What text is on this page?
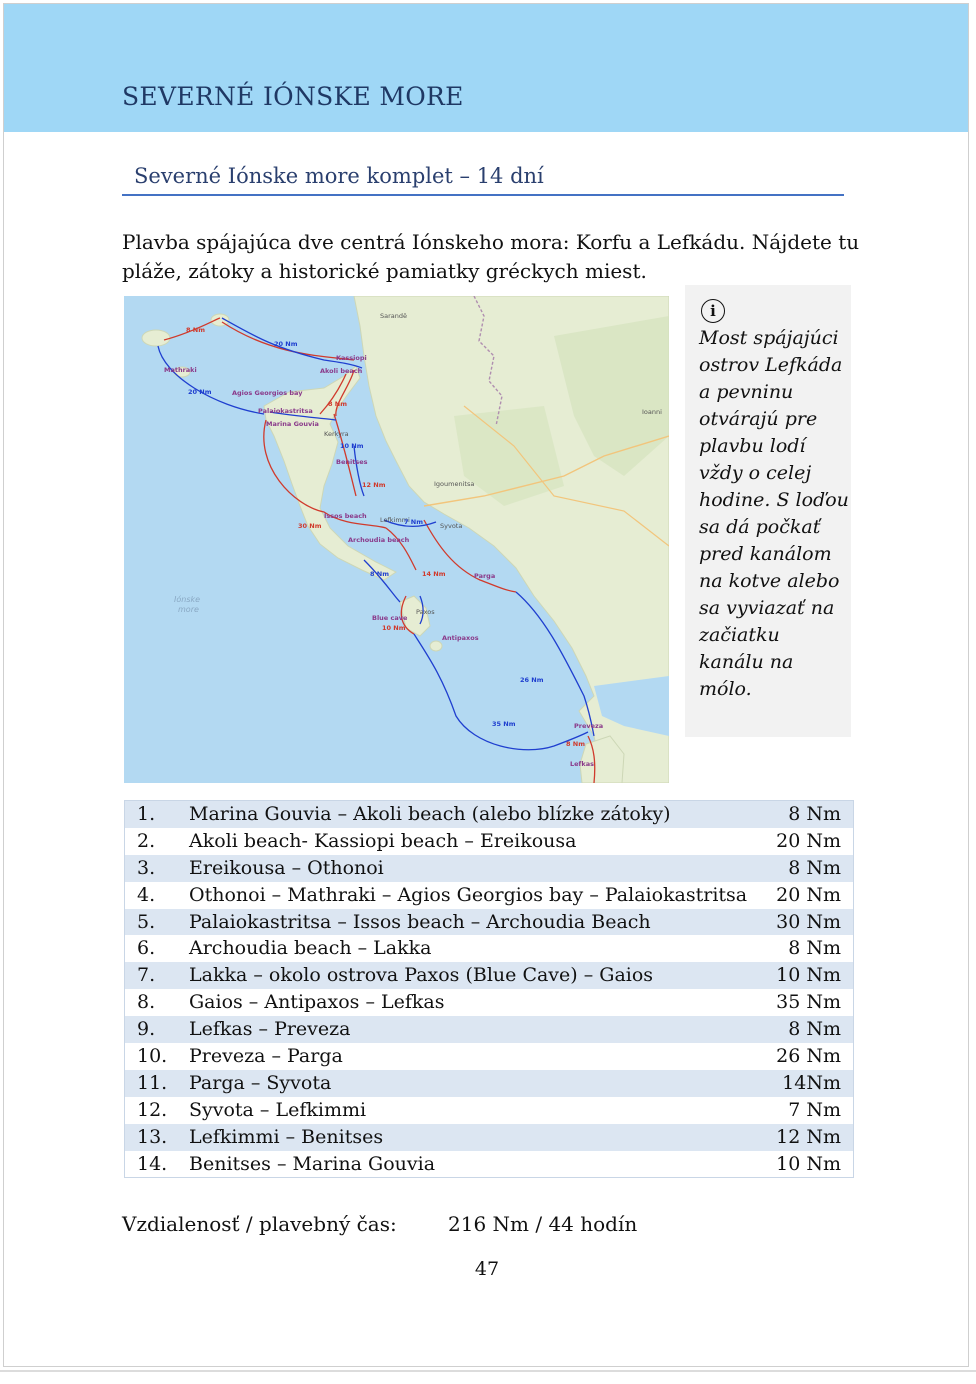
SEVERNÉ IÓNSKE MORE
Severné Iónske more komplet – 14 dní
Plavba spájajúca dve centrá Iónskeho mora: Korfu a Lefkádu. Nájdete tu pláže, zátoky a historické pamiatky gréckych miest.
Mathraki
Agios Georgios bay
Palaiokastritsa
Marina Gouvia
Akoli beach
Kassiopi
Kerkyra
Benitses
Issos beach
Archoudia beach
Lefkimmi
Syvota
Parga
Blue cave
Paxos
Antipaxos
Preveza
Lefkas
Igoumenitsa
Sarandë
Ioanni
8 Nm
20 Nm
20 Nm
8 Nm
10 Nm
12 Nm
30 Nm	7 Nm
8 Nm	14 Nm
10 Nm
26 Nm
35 Nm
8 Nm
Iónske
more
i
Most spájajúci ostrov Lefkáda a pevninu otvárajú pre plavbu lodí vždy o celej hodine. S loďou sa dá počkať pred kanálom na kotve alebo sa vyviazať na začiatku kanálu na mólo.
1. Marina Gouvia – Akoli beach (alebo blízke zátoky)	8 Nm
2. Akoli beach- Kassiopi beach – Ereikousa	20 Nm
3. Ereikousa – Othonoi	8 Nm
4. Othonoi – Mathraki – Agios Georgios bay – Palaiokastritsa 20 Nm
5. Palaiokastritsa – Issos beach – Archoudia Beach	30 Nm
6. Archoudia beach – Lakka	8 Nm
7. Lakka – okolo ostrova Paxos (Blue Cave) – Gaios	10 Nm
8. Gaios – Antipaxos – Lefkas	35 Nm
9. Lefkas – Preveza	8 Nm
10. Preveza – Parga	26 Nm
11. Parga – Syvota	14Nm
12. Syvota – Lefkimmi	7 Nm
13. Lefkimmi – Benitses	12 Nm
14. Benitses – Marina Gouvia	10 Nm
Vzdialenosť / plavebný čas:	216 Nm / 44 hodín
47
